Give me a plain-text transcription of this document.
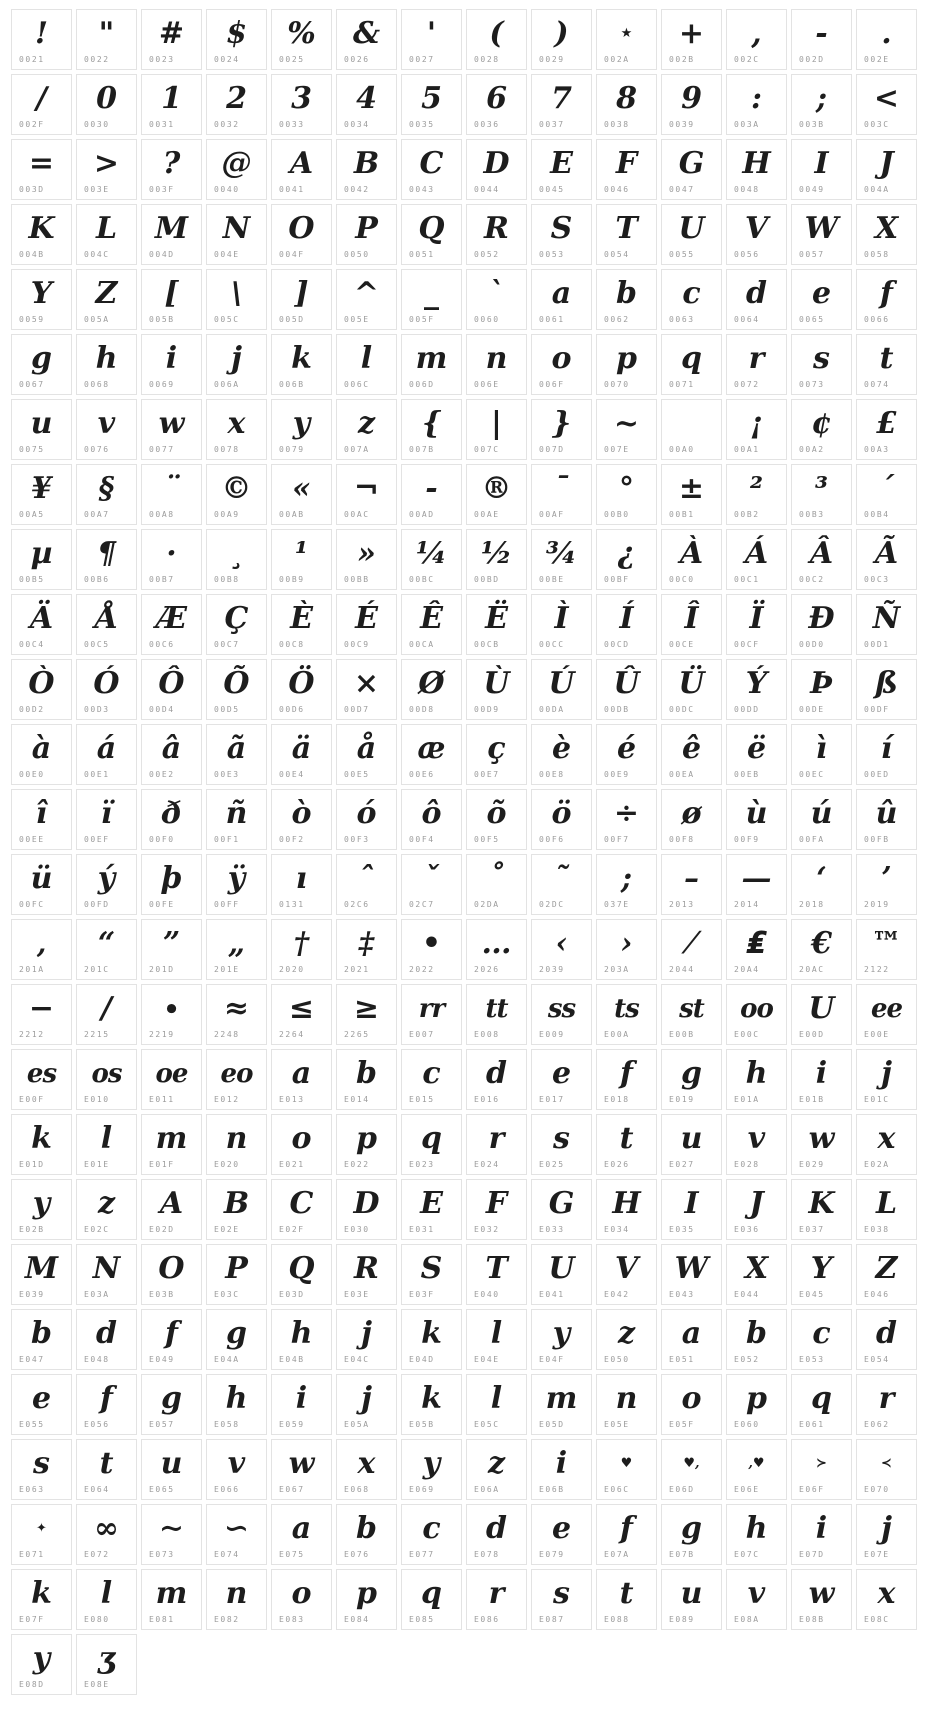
!
0021
"
0022
#
0023
$
0024
%
0025
&
0026
'
0027
(
0028
)
0029
★
002A
+
002B
,
002C
-
002D
.
002E
/
002F
0
0030
1
0031
2
0032
3
0033
4
0034
5
0035
6
0036
7
0037
8
0038
9
0039
:
003A
;
003B
<
003C
=
003D
>
003E
?
003F
@
0040
A
0041
B
0042
C
0043
D
0044
E
0045
F
0046
G
0047
H
0048
I
0049
J
004A
K
004B
L
004C
M
004D
N
004E
O
004F
P
0050
Q
0051
R
0052
S
0053
T
0054
U
0055
V
0056
W
0057
X
0058
Y
0059
Z
005A
[
005B
\
005C
]
005D
^
005E
_
005F
`
0060
a
0061
b
0062
c
0063
d
0064
e
0065
f
0066
g
0067
h
0068
i
0069
j
006A
k
006B
l
006C
m
006D
n
006E
o
006F
p
0070
q
0071
r
0072
s
0073
t
0074
u
0075
v
0076
w
0077
x
0078
y
0079
z
007A
{
007B
|
007C
}
007D
~
007E	00A0
¡
00A1
¢
00A2
£
00A3
¥
00A5
§
00A7
¨
00A8
©
00A9
«
00AB
¬
00AC
-
00AD
®
00AE
¯
00AF
°
00B0
±
00B1
²
00B2
³
00B3
´
00B4
µ
00B5
¶
00B6
·
00B7
¸
00B8
¹
00B9
»
00BB
¼
00BC
½
00BD
¾
00BE
¿
00BF
À
00C0
Á
00C1
Â
00C2
Ã
00C3
Ä
00C4
Å
00C5
Æ
00C6
Ç
00C7
È
00C8
É
00C9
Ê
00CA
Ë
00CB
Ì
00CC
Í
00CD
Î
00CE
Ï
00CF
Ð
00D0
Ñ
00D1
Ò
00D2
Ó
00D3
Ô
00D4
Õ
00D5
Ö
00D6
×
00D7
Ø
00D8
Ù
00D9
Ú
00DA
Û
00DB
Ü
00DC
Ý
00DD
Þ
00DE
ß
00DF
à
00E0
á
00E1
â
00E2
ã
00E3
ä
00E4
å
00E5
æ
00E6
ç
00E7
è
00E8
é
00E9
ê
00EA
ë
00EB
ì
00EC
í
00ED
î
00EE
ï
00EF
ð
00F0
ñ
00F1
ò
00F2
ó
00F3
ô
00F4
õ
00F5
ö
00F6
÷
00F7
ø
00F8
ù
00F9
ú
00FA
û
00FB
ü
00FC
ý
00FD
þ
00FE
ÿ
00FF
ı
0131
ˆ
02C6
ˇ
02C7
˚
02DA
˜
02DC
;
037E
–
2013
—
2014
‘
2018
’
2019
‚
201A
“
201C
”
201D
„
201E
†
2020
‡
2021
•
2022
…
2026
‹
2039
›
203A
⁄
2044
₤
20A4
€
20AC
™
2122
−
2212
∕
2215
∙
2219
≈
2248
≤
2264
≥
2265
rr
E007
tt
E008
ss
E009
ts
E00A
st
E00B
oo
E00C
U
E00D
ee
E00E
es
E00F
os
E010
oe
E011
eo
E012
a
E013
b
E014
c
E015
d
E016
e
E017
f
E018
g
E019
h
E01A
i
E01B
j
E01C
k
E01D
l
E01E
m
E01F
n
E020
o
E021
p
E022
q
E023
r
E024
s
E025
t
E026
u
E027
v
E028
w
E029
x
E02A
y
E02B
z
E02C
A
E02D
B
E02E
C
E02F
D
E030
E
E031
F
E032
G
E033
H
E034
I
E035
J
E036
K
E037
L
E038
M
E039
N
E03A
O
E03B
P
E03C
Q
E03D
R
E03E
S
E03F
T
E040
U
E041
V
E042
W
E043
X
E044
Y
E045
Z
E046
b
E047
d
E048
f
E049
g
E04A
h
E04B
j
E04C
k
E04D
l
E04E
y
E04F
z
E050
a
E051
b
E052
c
E053
d
E054
e
E055
f
E056
g
E057
h
E058
i
E059
j
E05A
k
E05B
l
E05C
m
E05D
n
E05E
o
E05F
p
E060
q
E061
r
E062
s
E063
t
E064
u
E065
v
E066
w
E067
x
E068
y
E069
z
E06A
i
E06B
♥
E06C
♥,
E06D
,♥
E06E
≻
E06F
≺
E070
✦
E071
∞
E072
∼
E073
∽
E074
a
E075
b
E076
c
E077
d
E078
e
E079
f
E07A
g
E07B
h
E07C
i
E07D
j
E07E
k
E07F
l
E080
m
E081
n
E082
o
E083
p
E084
q
E085
r
E086
s
E087
t
E088
u
E089
v
E08A
w
E08B
x
E08C
y
E08D
ʒ
E08E
